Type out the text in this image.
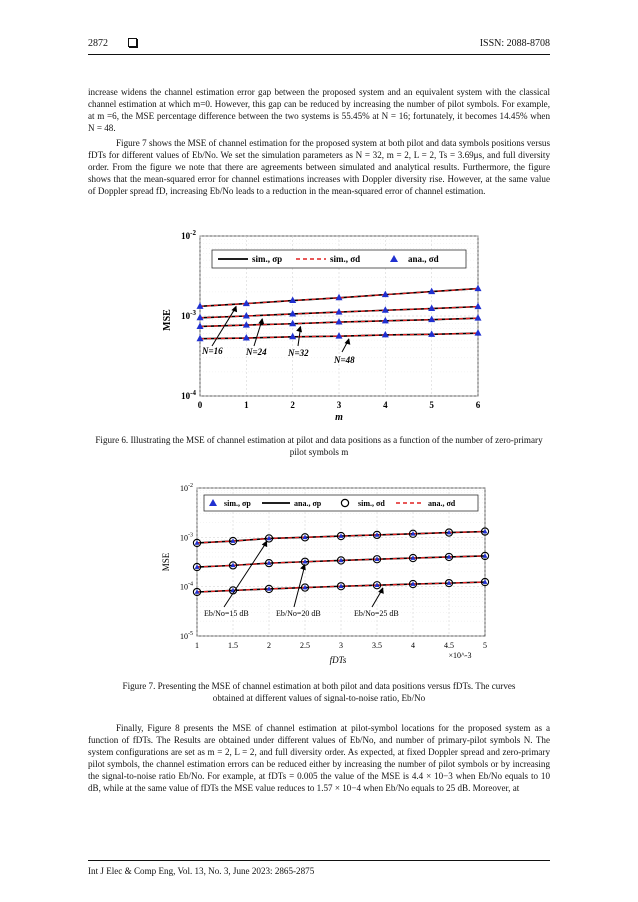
2872	ISSN: 2088-8708

increase widens the channel estimation error gap between the proposed system and an equivalent system with the classical channel estimation at which m=0. However, this gap can be reduced by increasing the number of pilot symbols. For example, at m =6, the MSE percentage difference between the two systems is 55.45% at N = 16; fortunately, it becomes 14.45% when N = 48.

Figure 7 shows the MSE of channel estimation for the proposed system at both pilot and data symbols positions versus fDTs for different values of Eb/No. We set the simulation parameters as N = 32, m = 2, L = 2, Ts = 3.69μs, and full diversity order. From the figure we note that there are agreements between simulated and analytical results. Furthermore, the figure shows that the mean-squared error for channel estimations increases with Doppler diversity rise. However, at the same value of Doppler spread fD, increasing Eb/No leads to a reduction in the mean-squared error of channel estimation.

0	1	2	3	4	5	6
$10^{-4}$
$10^{-3}$
$10^{-2}$
N=16	N=24 N=32
N=48
sim., σp	sim., σd	ana., σd
MSE
m
Figure 6. Illustrating the MSE of channel estimation at pilot and data positions as a function of the number of zero-primary pilot symbols m
1	1.5	2	2.5	3	3.5	4	4.5	5
$10^{-5}$
$10^{-4}$
$10^{-3}$
$10^{-2}$
Eb/No=15 dB	Eb/No=20 dB	Eb/No=25 dB
sim., σp	ana., σp	sim., σd	ana., σd
MSE
fDTs	×10^-3
Figure 7. Presenting the MSE of channel estimation at both pilot and data positions versus fDTs. The curves
obtained at different values of signal-to-noise ratio, Eb/No

Finally, Figure 8 presents the MSE of channel estimation at pilot-symbol locations for the proposed system as a function of fDTs. The Results are obtained under different values of Eb/No, and number of primary-pilot symbols N. The system configurations are set as m = 2, L = 2, and full diversity order. As expected, at fixed Doppler spread and zero-primary pilot symbols, the channel estimation errors can be reduced either by increasing the number of pilot symbols or by increasing the signal-to-noise ratio Eb/No. For example, at fDTs = 0.005 the value of the MSE is 4.4 × 10−3 when Eb/No equals to 10 dB, while at the same value of fDTs the MSE value reduces to 1.57 × 10−4 when Eb/No equals to 25 dB. Moreover, at

Int J Elec & Comp Eng, Vol. 13, No. 3, June 2023: 2865-2875
